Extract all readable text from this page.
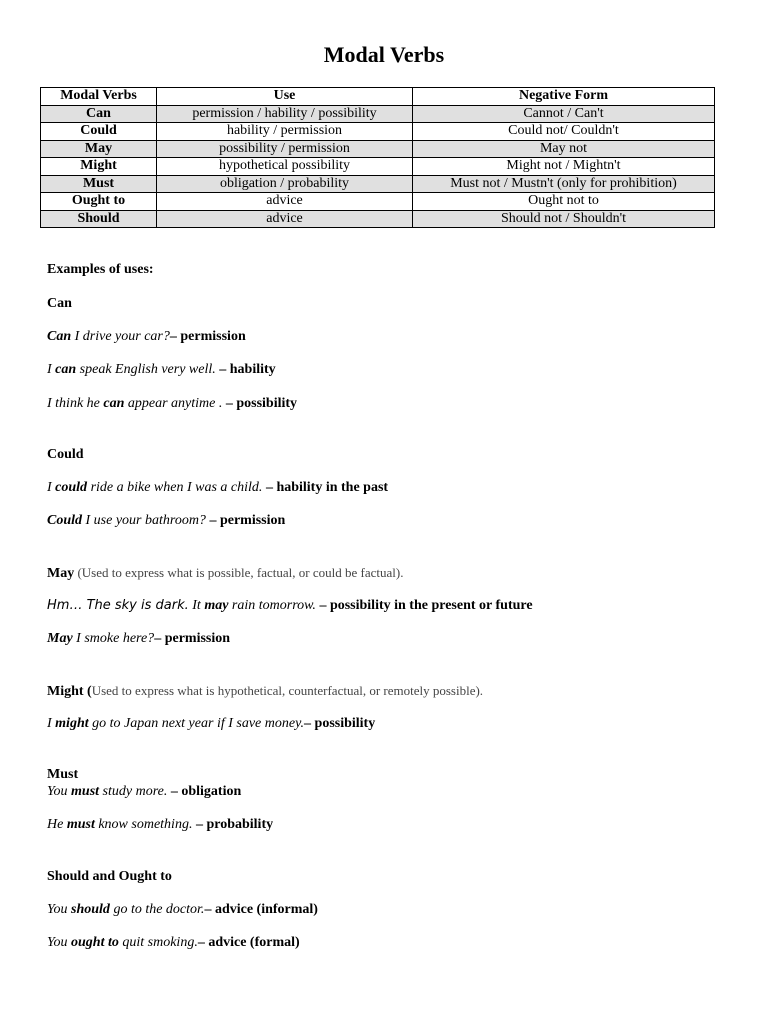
Modal Verbs
Modal Verbs	Use	Negative Form
Can	permission / hability / possibility	Cannot / Can't
Could	hability / permission	Could not/ Couldn't
May	possibility / permission	May not
Might	hypothetical possibility	Might not / Mightn't
Must	obligation / probability	Must not / Mustn't (only for prohibition)
Ought to	advice	Ought not to
Should	advice	Should not / Shouldn't
Examples of uses:
Can
Can I drive your car?– permission
I can speak English very well. – hability
I think he can appear anytime . – possibility
Could
I could ride a bike when I was a child. – hability in the past
Could I use your bathroom? – permission
May (Used to express what is possible, factual, or could be factual).
Hm… The sky is dark. It may rain tomorrow. – possibility in the present or future
May I smoke here?– permission
Might (Used to express what is hypothetical, counterfactual, or remotely possible).
I might go to Japan next year if I save money.– possibility
Must
You must study more. – obligation
He must know something. – probability
Should and Ought to
You should go to the doctor.– advice (informal)
You ought to quit smoking.– advice (formal)
